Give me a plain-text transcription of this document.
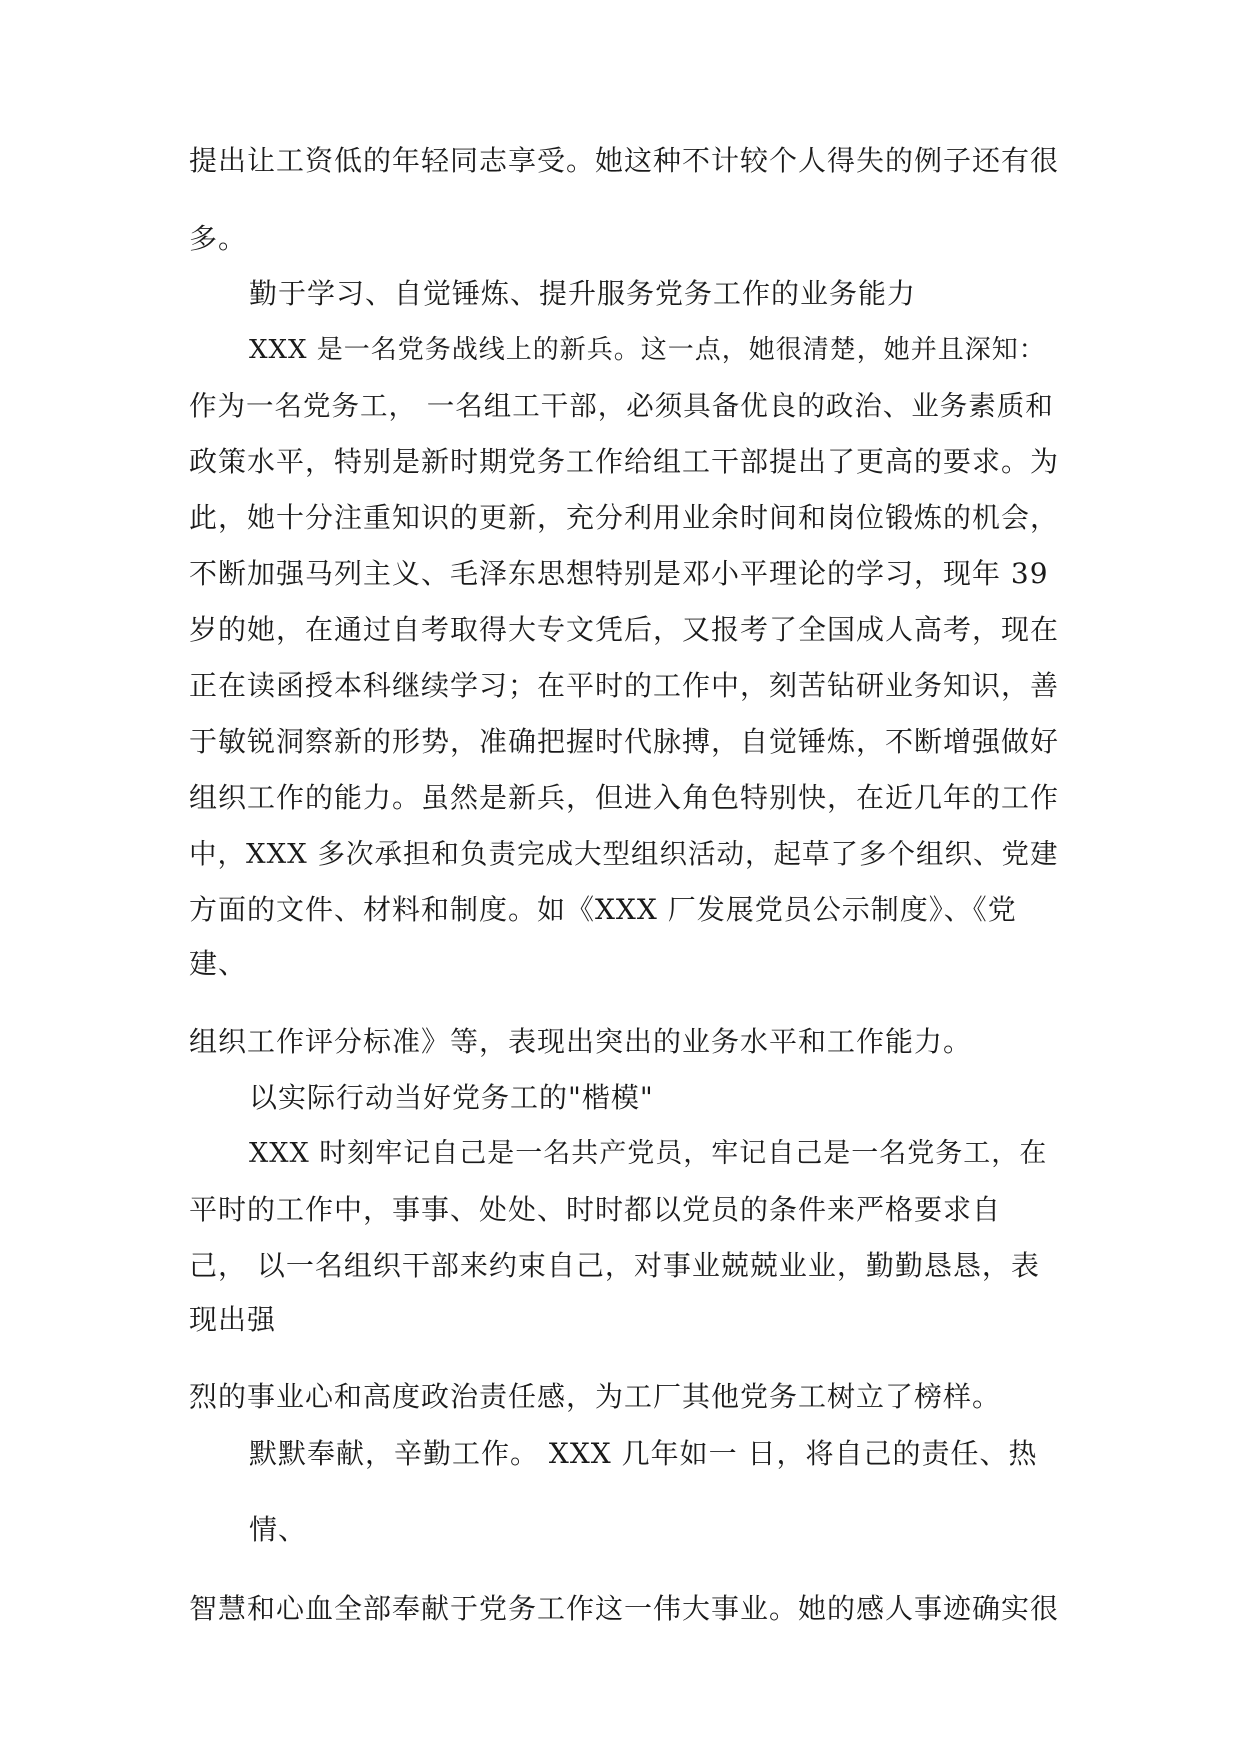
提出让工资低的年轻同志享受。她这种不计较个人得失的例子还有很
多。
勤于学习、自觉锤炼、提升服务党务工作的业务能力
XXX 是一名党务战线上的新兵。这一点，她很清楚，她并且深知：
作为一名党务工， 一名组工干部，必须具备优良的政治、业务素质和
政策水平，特别是新时期党务工作给组工干部提出了更高的要求。为
此，她十分注重知识的更新，充分利用业余时间和岗位锻炼的机会，
不断加强马列主义、毛泽东思想特别是邓小平理论的学习，现年 39
岁的她，在通过自考取得大专文凭后，又报考了全国成人高考，现在
正在读函授本科继续学习；在平时的工作中，刻苦钻研业务知识，善
于敏锐洞察新的形势，准确把握时代脉搏，自觉锤炼，不断增强做好
组织工作的能力。虽然是新兵，但进入角色特别快，在近几年的工作
中，XXX 多次承担和负责完成大型组织活动，起草了多个组织、党建
方面的文件、材料和制度。如《XXX 厂发展党员公示制度》、《党
建、
组织工作评分标准》等，表现出突出的业务水平和工作能力。
以实际行动当好党务工的"楷模"
XXX 时刻牢记自己是一名共产党员，牢记自己是一名党务工，在
平时的工作中，事事、处处、时时都以党员的条件来严格要求自
己， 以一名组织干部来约束自己，对事业兢兢业业，勤勤恳恳，表
现出强
烈的事业心和高度政治责任感，为工厂其他党务工树立了榜样。
默默奉献，辛勤工作。 XXX 几年如一 日，将自己的责任、热
情、
智慧和心血全部奉献于党务工作这一伟大事业。她的感人事迹确实很
